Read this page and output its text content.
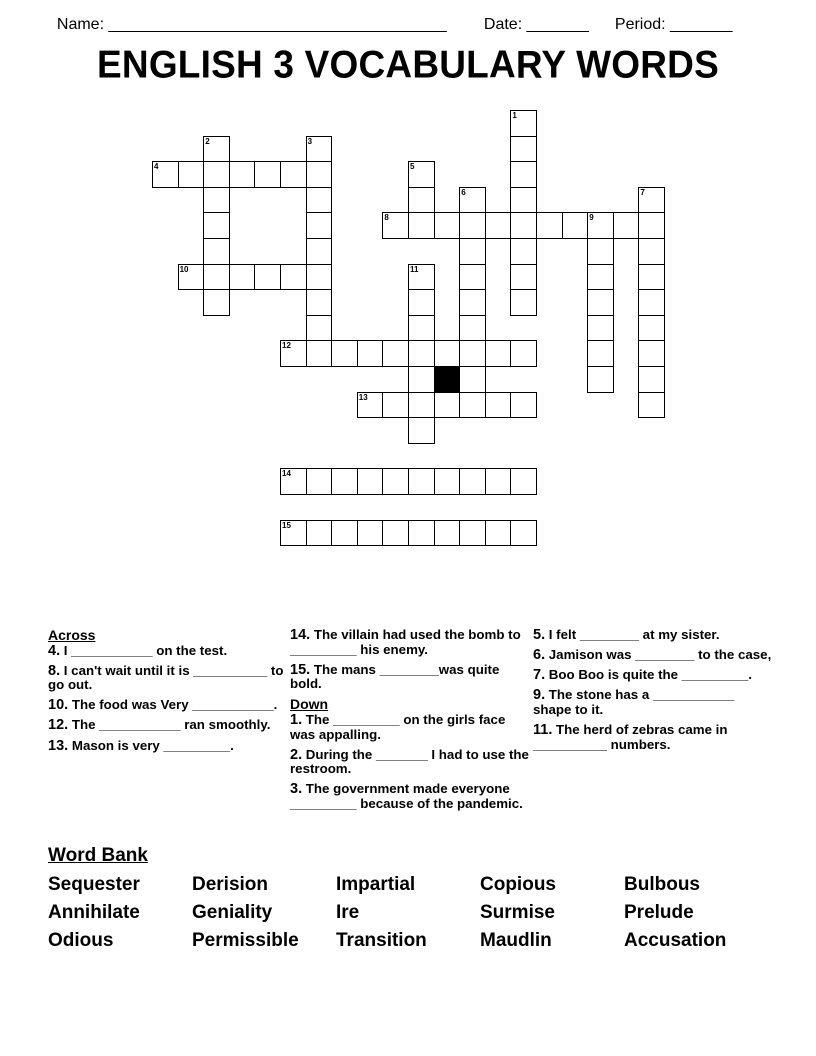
Name: ______________________________________	Date: _______	Period: _______

ENGLISH 3 VOCABULARY WORDS
1
2	3
4	5
6	7
8	9
10	11
12
13
14
15
Across
4. I ___________ on the test.
8. I can't wait until it is __________ to go out.
10. The food was Very ___________.
12. The ___________ ran smoothly.
13. Mason is very _________.
14. The villain had used the bomb to _________ his enemy.
15. The mans ________was quite bold.
Down
1. The _________ on the girls face was appalling.
2. During the _______ I had to use the restroom.
3. The government made everyone _________ because of the pandemic.
5. I felt ________ at my sister.
6. Jamison was ________ to the case,
7. Boo Boo is quite the _________.
9. The stone has a ___________ shape to it.
11. The herd of zebras came in __________ numbers.
Word Bank
Sequester	Derision	Impartial	Copious	Bulbous
Annihilate	Geniality	Ire	Surmise	Prelude
Odious	Permissible Transition	Maudlin	Accusation
